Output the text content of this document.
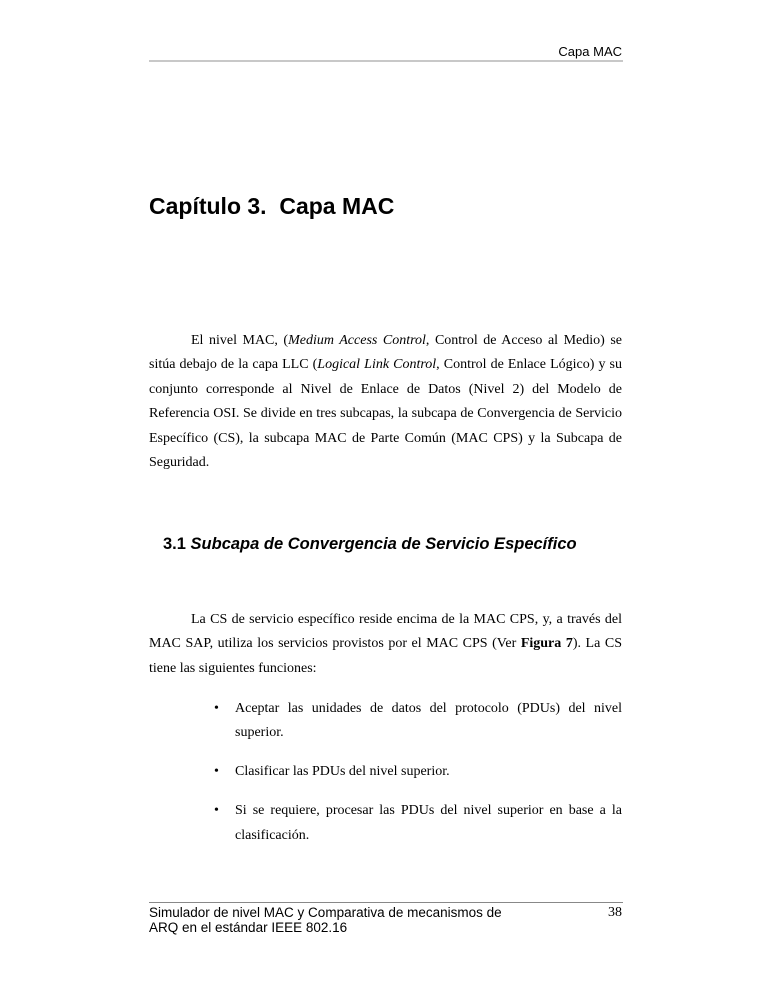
Capa MAC
Capítulo 3.  Capa MAC

El nivel MAC, (Medium Access Control, Control de Acceso al Medio) se sitúa debajo de la capa LLC (Logical Link Control, Control de Enlace Lógico) y su conjunto corresponde al Nivel de Enlace de Datos (Nivel 2) del Modelo de Referencia OSI. Se divide en tres subcapas, la subcapa de Convergencia de Servicio Específico (CS), la subcapa MAC de Parte Común (MAC CPS) y la Subcapa de Seguridad.

3.1 Subcapa de Convergencia de Servicio Específico

La CS de servicio específico reside encima de la MAC CPS, y, a través del MAC SAP, utiliza los servicios provistos por el MAC CPS (Ver Figura 7). La CS tiene las siguientes funciones:

• Aceptar las unidades de datos del protocolo (PDUs) del nivel superior.
• Clasificar las PDUs del nivel superior.
• Si se requiere, procesar las PDUs del nivel superior en base a la clasificación.
Simulador de nivel MAC y Comparativa de mecanismos de
ARQ en el estándar IEEE 802.16
38
